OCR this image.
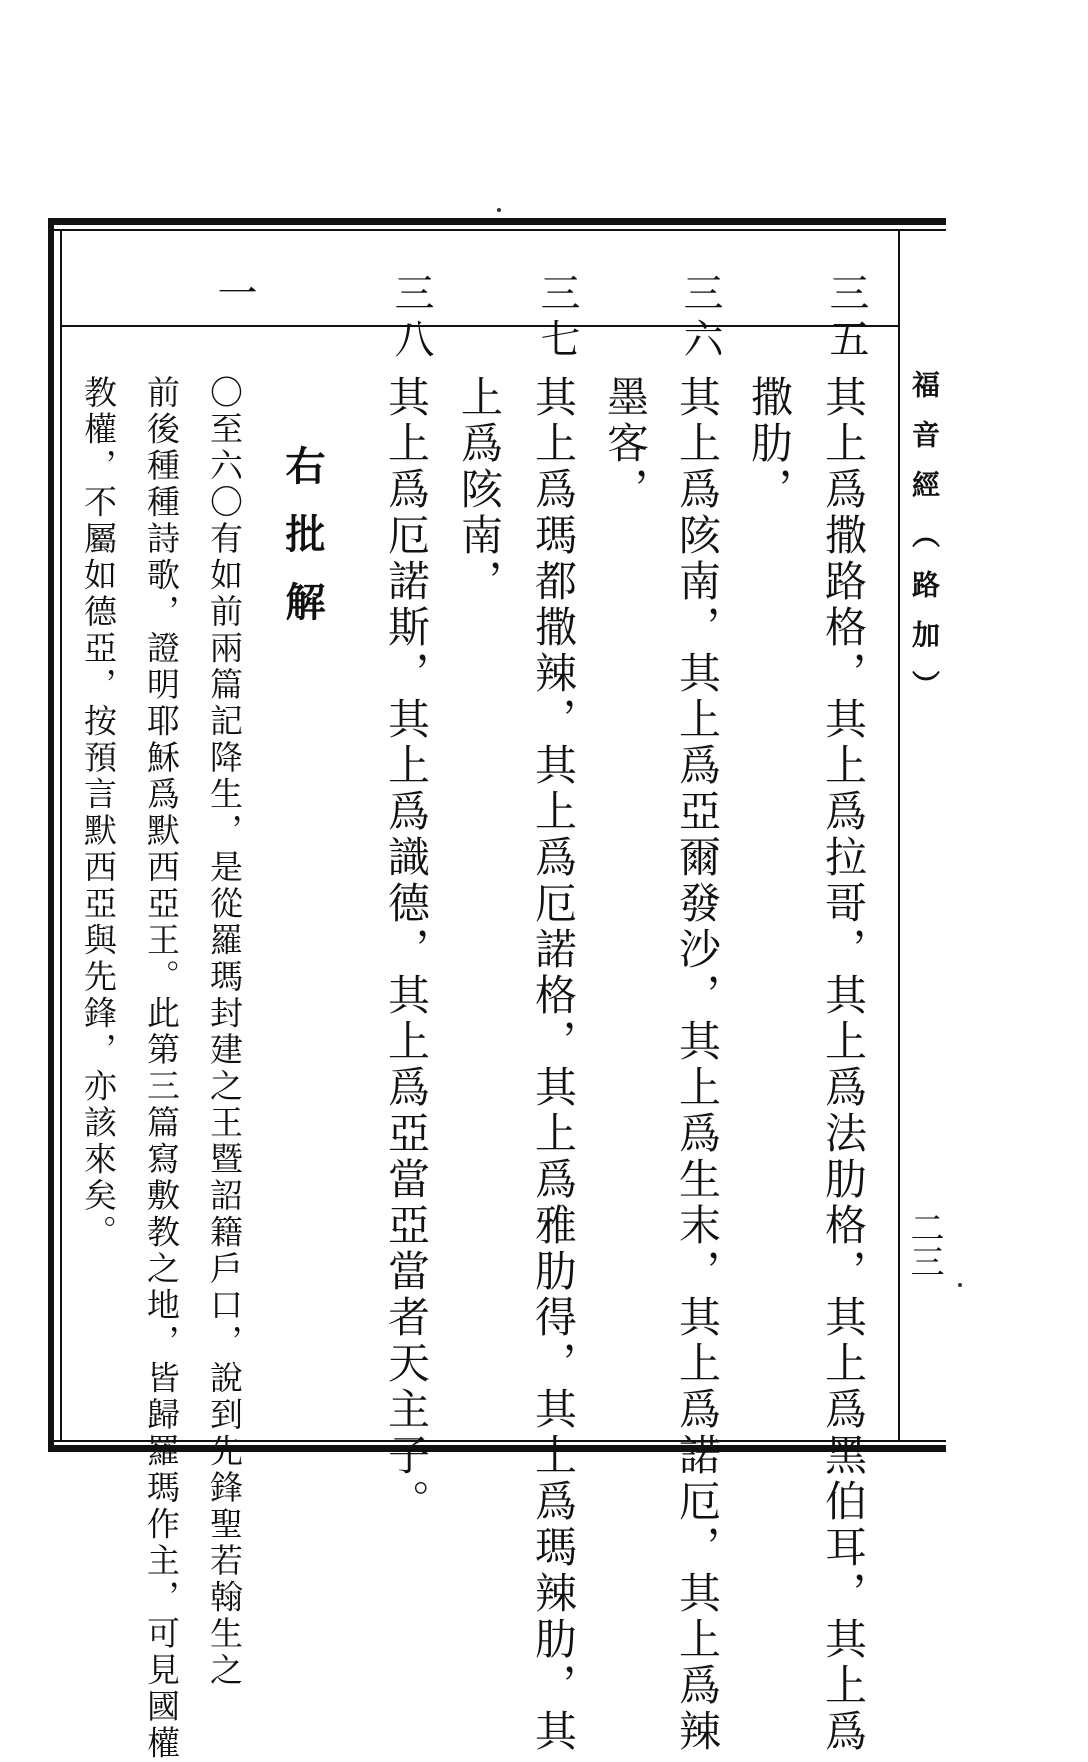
福音經（路加）
二三
三五
其上爲撒路格，其上爲拉哥，其上爲法肋格，其上爲黑伯耳，其上爲
撒肋，
三六
其上爲陔南，其上爲亞爾發沙，其上爲生末，其上爲諾厄，其上爲辣
墨客，
三七
其上爲瑪都撒辣，其上爲厄諾格，其上爲雅肋得，其上爲瑪辣肋，其
上爲陔南，
三八
其上爲厄諾斯，其上爲識德，其上爲亞當亞當者天主子。
右批解
一
〇至六〇有如前兩篇記降生，是從羅瑪封建之王暨詔籍戶口，說到先鋒聖若翰生之
前後種種詩歌，證明耶穌爲默西亞王。此第三篇寫敷教之地，皆歸羅瑪作主，可見國權
教權，不屬如德亞，按預言默西亞與先鋒，亦該來矣。
